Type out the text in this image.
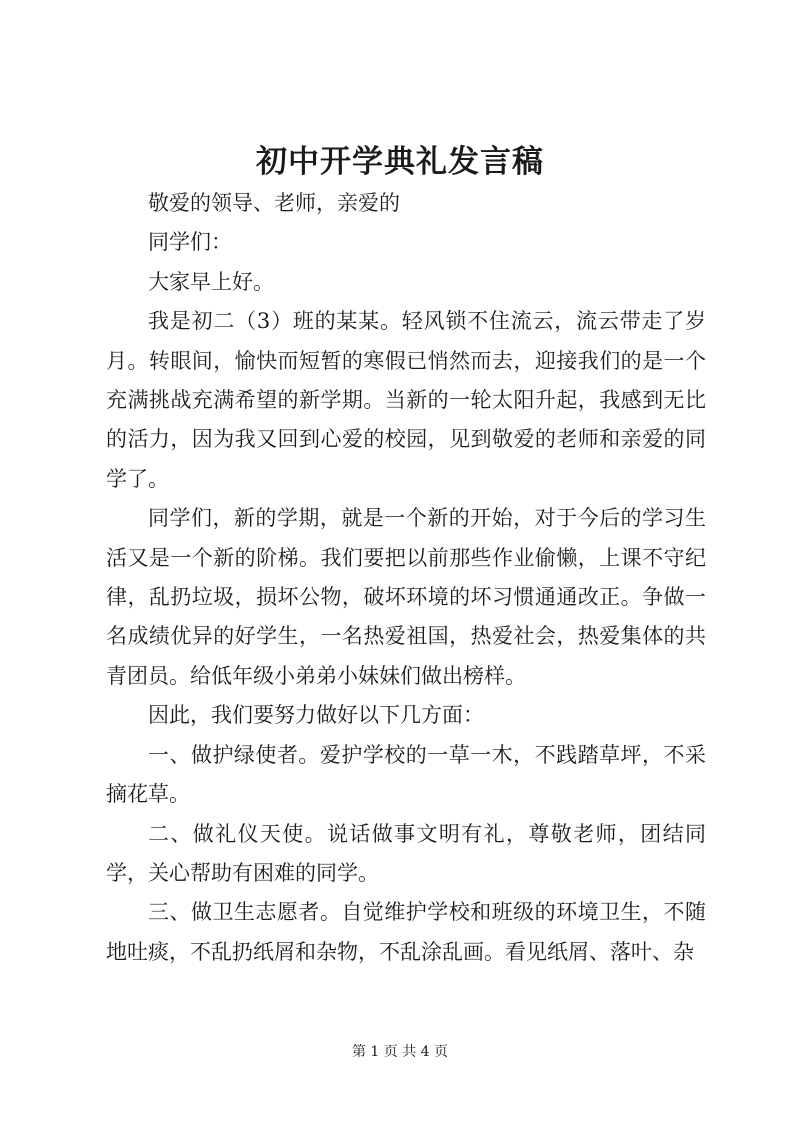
初中开学典礼发言稿

敬爱的领导、老师，亲爱的

同学们：

大家早上好。

我是初二（3）班的某某。轻风锁不住流云，流云带走了岁月。转眼间，愉快而短暂的寒假已悄然而去，迎接我们的是一个充满挑战充满希望的新学期。当新的一轮太阳升起，我感到无比的活力，因为我又回到心爱的校园，见到敬爱的老师和亲爱的同学了。

同学们，新的学期，就是一个新的开始，对于今后的学习生活又是一个新的阶梯。我们要把以前那些作业偷懒，上课不守纪律，乱扔垃圾，损坏公物，破坏环境的坏习惯通通改正。争做一名成绩优异的好学生，一名热爱祖国，热爱社会，热爱集体的共青团员。给低年级小弟弟小妹妹们做出榜样。

因此，我们要努力做好以下几方面：

一、做护绿使者。爱护学校的一草一木，不践踏草坪，不采摘花草。

二、做礼仪天使。说话做事文明有礼，尊敬老师，团结同学，关心帮助有困难的同学。

三、做卫生志愿者。自觉维护学校和班级的环境卫生，不随地吐痰，不乱扔纸屑和杂物，不乱涂乱画。看见纸屑、落叶、杂

第 1 页 共 4 页
